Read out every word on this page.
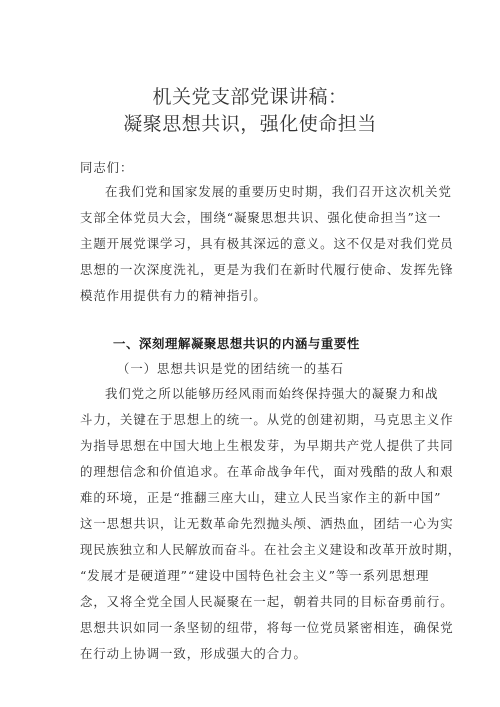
机关党支部党课讲稿：
凝聚思想共识，强化使命担当
同志们：
在我们党和国家发展的重要历史时期，我们召开这次机关党
支部全体党员大会，围绕“凝聚思想共识、强化使命担当”这一
主题开展党课学习，具有极其深远的意义。这不仅是对我们党员
思想的一次深度洗礼，更是为我们在新时代履行使命、发挥先锋
模范作用提供有力的精神指引。
一、深刻理解凝聚思想共识的内涵与重要性
（一）思想共识是党的团结统一的基石
我们党之所以能够历经风雨而始终保持强大的凝聚力和战
斗力，关键在于思想上的统一。从党的创建初期，马克思主义作
为指导思想在中国大地上生根发芽，为早期共产党人提供了共同
的理想信念和价值追求。在革命战争年代，面对残酷的敌人和艰
难的环境，正是“推翻三座大山，建立人民当家作主的新中国”
这一思想共识，让无数革命先烈抛头颅、洒热血，团结一心为实
现民族独立和人民解放而奋斗。在社会主义建设和改革开放时期，
“发展才是硬道理”“建设中国特色社会主义”等一系列思想理
念，又将全党全国人民凝聚在一起，朝着共同的目标奋勇前行。
思想共识如同一条坚韧的纽带，将每一位党员紧密相连，确保党
在行动上协调一致，形成强大的合力。
